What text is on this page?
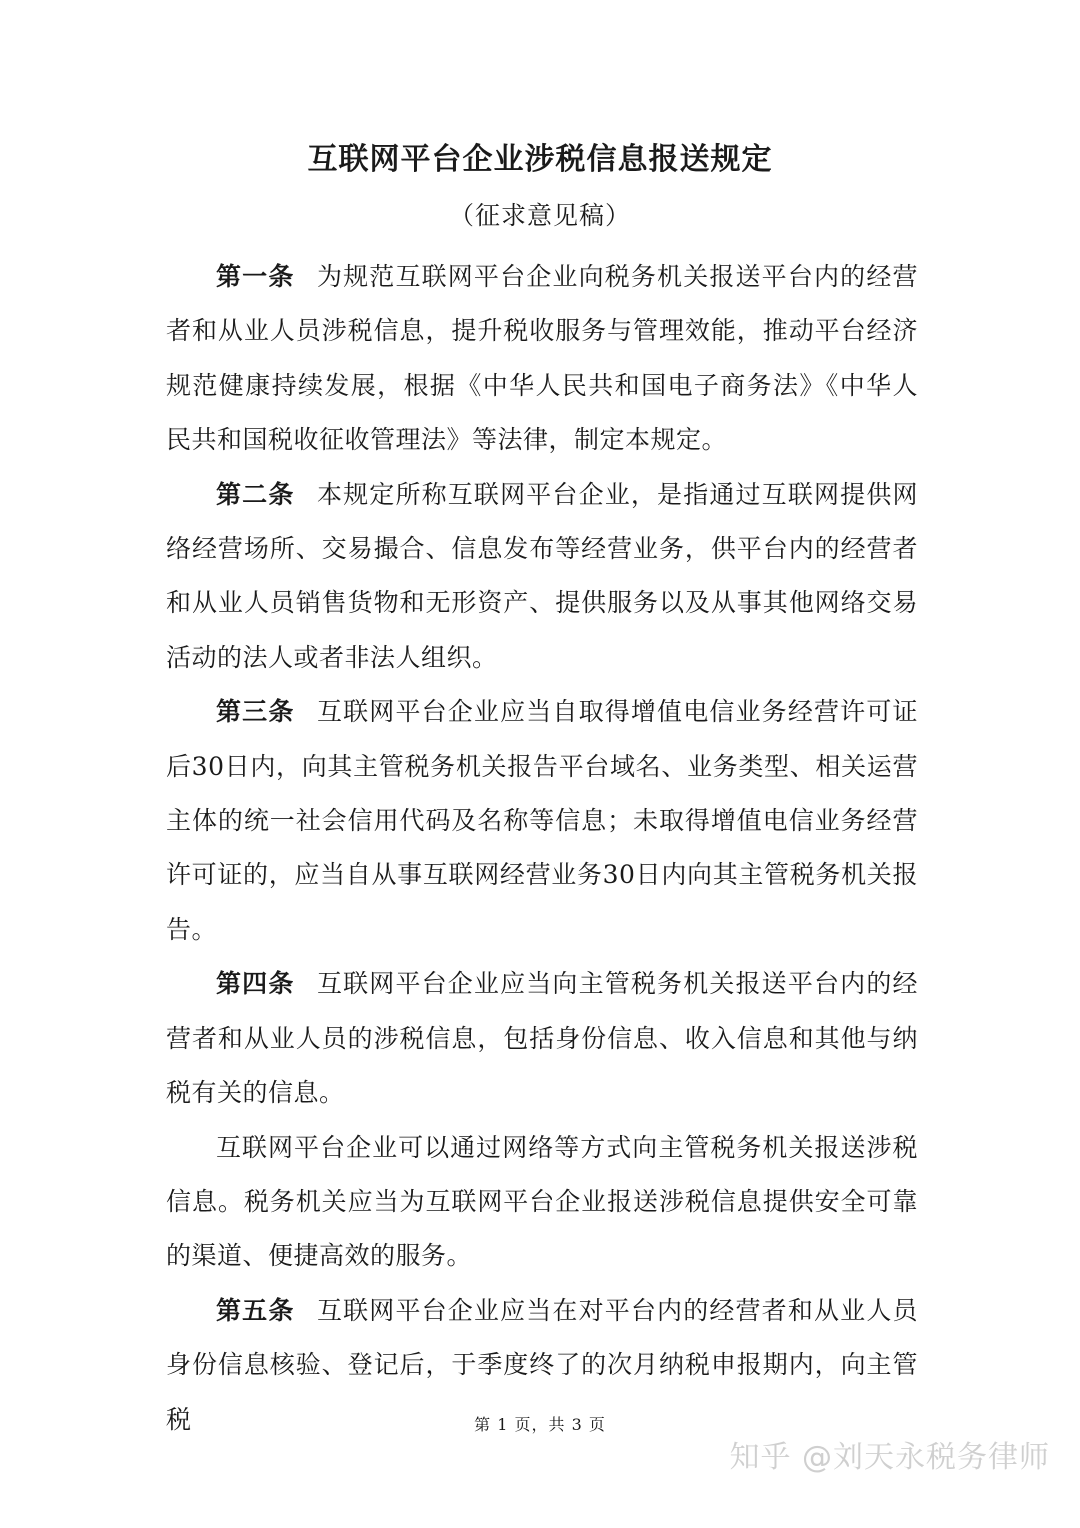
互联网平台企业涉税信息报送规定
（征求意见稿）

第一条 为规范互联网平台企业向税务机关报送平台内的经营者和从业人员涉税信息，提升税收服务与管理效能，推动平台经济规范健康持续发展，根据《中华人民共和国电子商务法》《中华人民共和国税收征收管理法》等法律，制定本规定。

第二条 本规定所称互联网平台企业，是指通过互联网提供网络经营场所、交易撮合、信息发布等经营业务，供平台内的经营者和从业人员销售货物和无形资产、提供服务以及从事其他网络交易活动的法人或者非法人组织。

第三条 互联网平台企业应当自取得增值电信业务经营许可证后30日内，向其主管税务机关报告平台域名、业务类型、相关运营主体的统一社会信用代码及名称等信息；未取得增值电信业务经营许可证的，应当自从事互联网经营业务30日内向其主管税务机关报告。

第四条 互联网平台企业应当向主管税务机关报送平台内的经营者和从业人员的涉税信息，包括身份信息、收入信息和其他与纳税有关的信息。

互联网平台企业可以通过网络等方式向主管税务机关报送涉税信息。税务机关应当为互联网平台企业报送涉税信息提供安全可靠的渠道、便捷高效的服务。

第五条 互联网平台企业应当在对平台内的经营者和从业人员身份信息核验、登记后，于季度终了的次月纳税申报期内，向主管税	第 1 页，共 3 页
知乎 @刘天永税务律师
